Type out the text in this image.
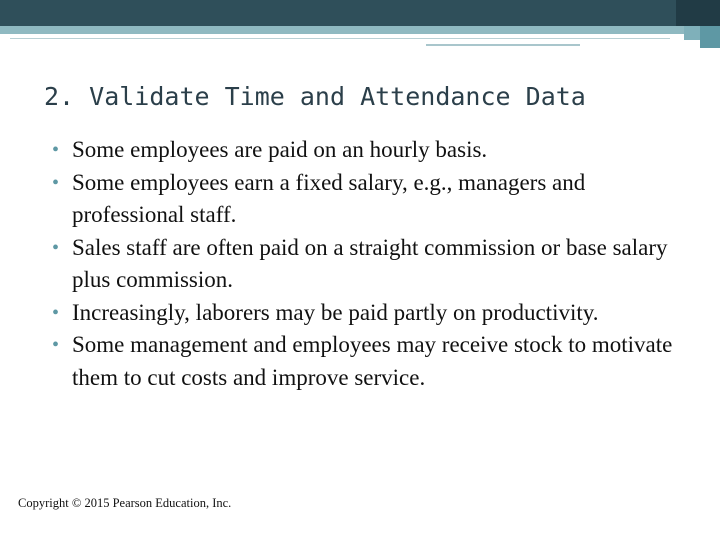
2. Validate Time and Attendance Data
• Some employees are paid on an hourly basis.
• Some employees earn a fixed salary, e.g., managers and professional staff.
• Sales staff are often paid on a straight commission or base salary plus commission.
• Increasingly, laborers may be paid partly on productivity.
• Some management and employees may receive stock to motivate them to cut costs and improve service.
Copyright © 2015 Pearson Education, Inc.
